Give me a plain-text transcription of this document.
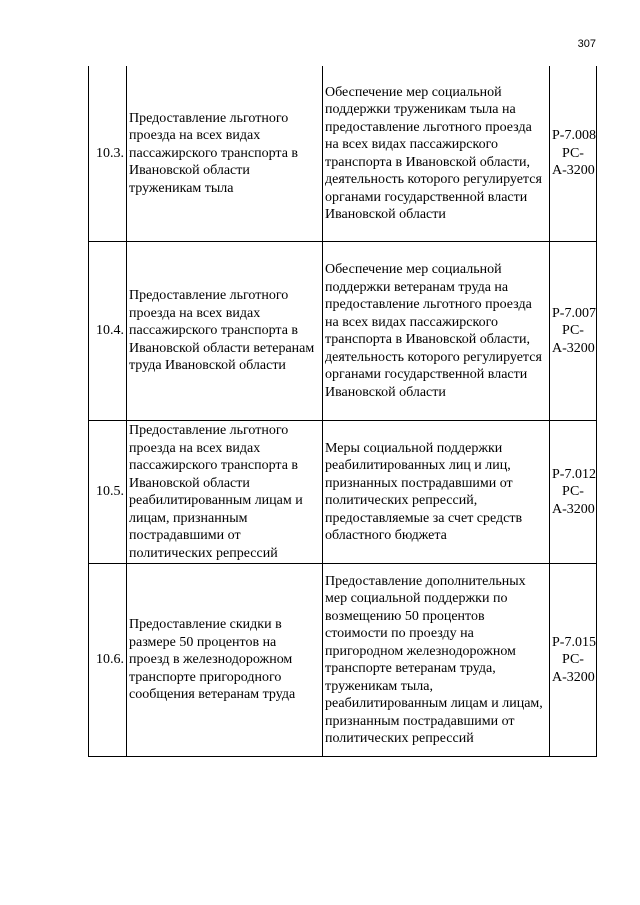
307
10.3.	Предоставление льготного проезда на всех видах пассажирского транспорта в Ивановской области труженикам тыла	Обеспечение мер социальной поддержки труженикам тыла на предоставление льготного проезда на всех видах пассажирского транспорта в Ивановской области, деятельность которого регулируется органами государственной власти Ивановской области	Р-7.008 РС-А-3200
10.4.	Предоставление льготного проезда на всех видах пассажирского транспорта в Ивановской области ветеранам труда Ивановской области	Обеспечение мер социальной поддержки ветеранам труда на предоставление льготного проезда на всех видах пассажирского транспорта в Ивановской области, деятельность которого регулируется органами государственной власти Ивановской области	Р-7.007 РС-А-3200
10.5.	Предоставление льготного проезда на всех видах пассажирского транспорта в Ивановской области реабилитированным лицам и лицам, признанным пострадавшими от политических репрессий	Меры социальной поддержки реабилитированных лиц и лиц, признанных пострадавшими от политических репрессий, предоставляемые за счет средств областного бюджета	Р-7.012 РС-А-3200
10.6.	Предоставление скидки в размере 50 процентов на проезд в железнодорожном транспорте пригородного сообщения ветеранам труда	Предоставление дополнительных мер социальной поддержки по возмещению 50 процентов стоимости по проезду на пригородном железнодорожном транспорте ветеранам труда, труженикам тыла, реабилитированным лицам и лицам, признанным пострадавшими от политических репрессий	Р-7.015 РС-А-3200
